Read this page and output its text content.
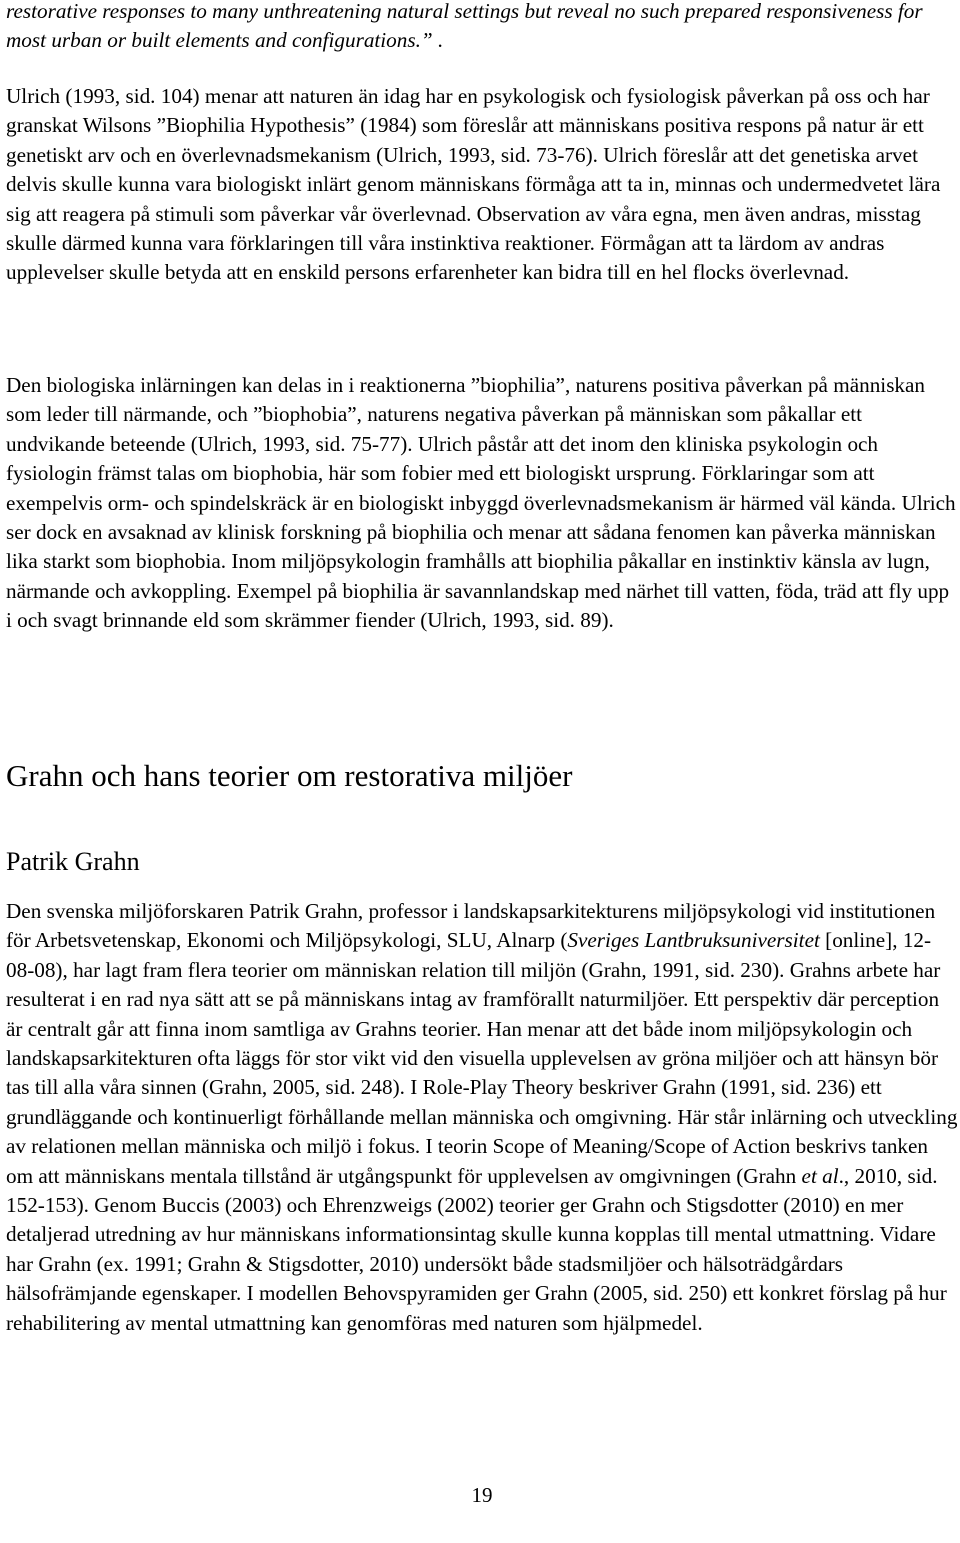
restorative responses to many unthreatening natural settings but reveal no such prepared responsiveness for most urban or built elements and configurations.” .

Ulrich (1993, sid. 104) menar att naturen än idag har en psykologisk och fysiologisk påverkan på oss och har granskat Wilsons ”Biophilia Hypothesis” (1984) som föreslår att människans positiva respons på natur är ett genetiskt arv och en överlevnadsmekanism (Ulrich, 1993, sid. 73-76). Ulrich föreslår att det genetiska arvet delvis skulle kunna vara biologiskt inlärt genom människans förmåga att ta in, minnas och undermedvetet lära sig att reagera på stimuli som påverkar vår överlevnad. Observation av våra egna, men även andras, misstag skulle därmed kunna vara förklaringen till våra instinktiva reaktioner. Förmågan att ta lärdom av andras upplevelser skulle betyda att en enskild persons erfarenheter kan bidra till en hel flocks överlevnad.

Den biologiska inlärningen kan delas in i reaktionerna ”biophilia”, naturens positiva påverkan på människan som leder till närmande, och ”biophobia”, naturens negativa påverkan på människan som påkallar ett undvikande beteende (Ulrich, 1993, sid. 75-77). Ulrich påstår att det inom den kliniska psykologin och fysiologin främst talas om biophobia, här som fobier med ett biologiskt ursprung. Förklaringar som att exempelvis orm- och spindelskräck är en biologiskt inbyggd överlevnadsmekanism är härmed väl kända. Ulrich ser dock en avsaknad av klinisk forskning på biophilia och menar att sådana fenomen kan påverka människan lika starkt som biophobia. Inom miljöpsykologin framhålls att biophilia påkallar en instinktiv känsla av lugn, närmande och avkoppling. Exempel på biophilia är savannlandskap med närhet till vatten, föda, träd att fly upp i och svagt brinnande eld som skrämmer fiender (Ulrich, 1993, sid. 89).

Grahn och hans teorier om restorativa miljöer
Patrik Grahn

Den svenska miljöforskaren Patrik Grahn, professor i landskapsarkitekturens miljöpsykologi vid institutionen för Arbetsvetenskap, Ekonomi och Miljöpsykologi, SLU, Alnarp (Sveriges Lantbruksuniversitet [online], 12-08-08), har lagt fram flera teorier om människan relation till miljön (Grahn, 1991, sid. 230). Grahns arbete har resulterat i en rad nya sätt att se på människans intag av framförallt naturmiljöer. Ett perspektiv där perception är centralt går att finna inom samtliga av Grahns teorier. Han menar att det både inom miljöpsykologin och landskapsarkitekturen ofta läggs för stor vikt vid den visuella upplevelsen av gröna miljöer och att hänsyn bör tas till alla våra sinnen (Grahn, 2005, sid. 248). I Role-Play Theory beskriver Grahn (1991, sid. 236) ett grundläggande och kontinuerligt förhållande mellan människa och omgivning. Här står inlärning och utveckling av relationen mellan människa och miljö i fokus. I teorin Scope of Meaning/Scope of Action beskrivs tanken om att människans mentala tillstånd är utgångspunkt för upplevelsen av omgivningen (Grahn et al., 2010, sid. 152-153). Genom Buccis (2003) och Ehrenzweigs (2002) teorier ger Grahn och Stigsdotter (2010) en mer detaljerad utredning av hur människans informationsintag skulle kunna kopplas till mental utmattning. Vidare har Grahn (ex. 1991; Grahn & Stigsdotter, 2010) undersökt både stadsmiljöer och hälsoträdgårdars hälsofrämjande egenskaper. I modellen Behovspyramiden ger Grahn (2005, sid. 250) ett konkret förslag på hur rehabilitering av mental utmattning kan genomföras med naturen som hjälpmedel.

19
